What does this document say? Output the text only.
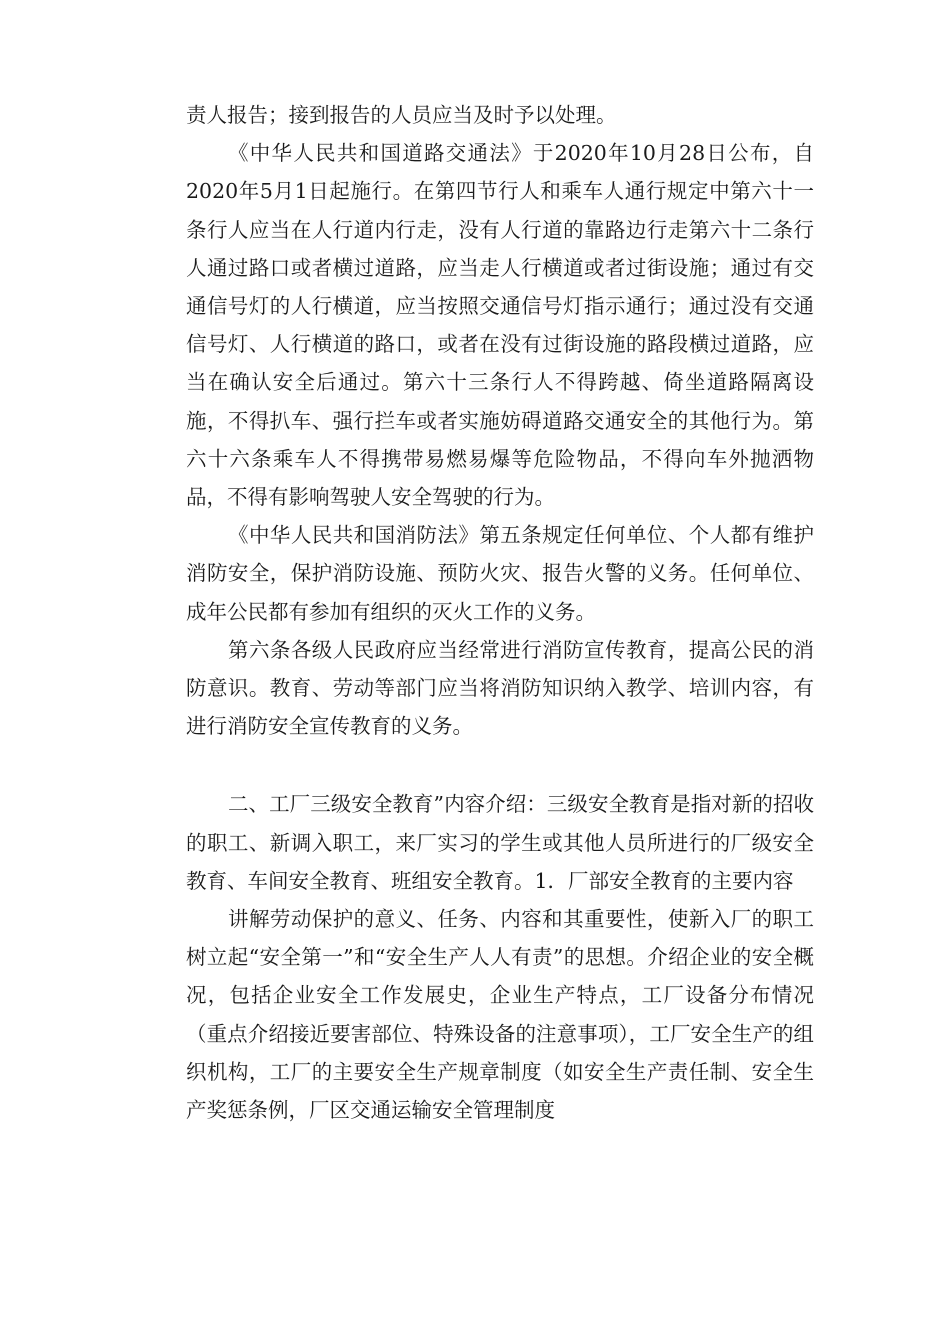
责人报告；接到报告的人员应当及时予以处理。

《中华人民共和国道路交通法》于2020年10月28日公布，自2020年5月1日起施行。在第四节行人和乘车人通行规定中第六十一条行人应当在人行道内行走，没有人行道的靠路边行走第六十二条行人通过路口或者横过道路，应当走人行横道或者过街设施；通过有交通信号灯的人行横道，应当按照交通信号灯指示通行；通过没有交通信号灯、人行横道的路口，或者在没有过街设施的路段横过道路，应当在确认安全后通过。第六十三条行人不得跨越、倚坐道路隔离设施，不得扒车、强行拦车或者实施妨碍道路交通安全的其他行为。第六十六条乘车人不得携带易燃易爆等危险物品，不得向车外抛洒物品，不得有影响驾驶人安全驾驶的行为。

《中华人民共和国消防法》第五条规定任何单位、个人都有维护消防安全，保护消防设施、预防火灾、报告火警的义务。任何单位、成年公民都有参加有组织的灭火工作的义务。

第六条各级人民政府应当经常进行消防宣传教育，提高公民的消防意识。教育、劳动等部门应当将消防知识纳入教学、培训内容，有进行消防安全宣传教育的义务。

二、工厂三级安全教育”内容介绍：三级安全教育是指对新的招收的职工、新调入职工，来厂实习的学生或其他人员所进行的厂级安全教育、车间安全教育、班组安全教育。1．厂部安全教育的主要内容

讲解劳动保护的意义、任务、内容和其重要性，使新入厂的职工树立起“安全第一”和“安全生产人人有责”的思想。介绍企业的安全概况，包括企业安全工作发展史，企业生产特点，工厂设备分布情况（重点介绍接近要害部位、特殊设备的注意事项），工厂安全生产的组织机构，工厂的主要安全生产规章制度（如安全生产责任制、安全生产奖惩条例，厂区交通运输安全管理制度
